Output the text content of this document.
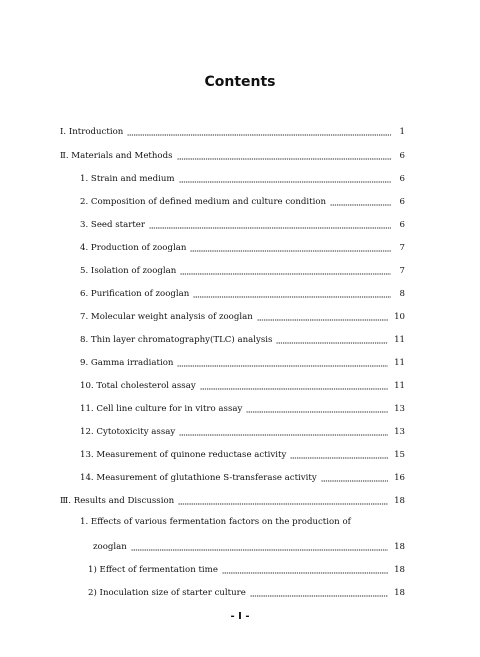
Contents
Ⅰ. Introduction	1
Ⅱ. Materials and Methods	6
1. Strain and medium	6
2. Composition of defined medium and culture condition	6
3. Seed starter	6
4. Production of zooglan	7
5. Isolation of zooglan	7
6. Purification of zooglan	8
7. Molecular weight analysis of zooglan	10
8. Thin layer chromatography(TLC) analysis	11
9. Gamma irradiation	11
10. Total cholesterol assay	11
11. Cell line culture for in vitro assay	13
12. Cytotoxicity assay	13
13. Measurement of quinone reductase activity	15
14. Measurement of glutathione S-transferase activity	16
Ⅲ. Results and Discussion	18
1. Effects of various fermentation factors on the production of
zooglan	18
1) Effect of fermentation time	18
2) Inoculation size of starter culture	18
- Ⅰ -
